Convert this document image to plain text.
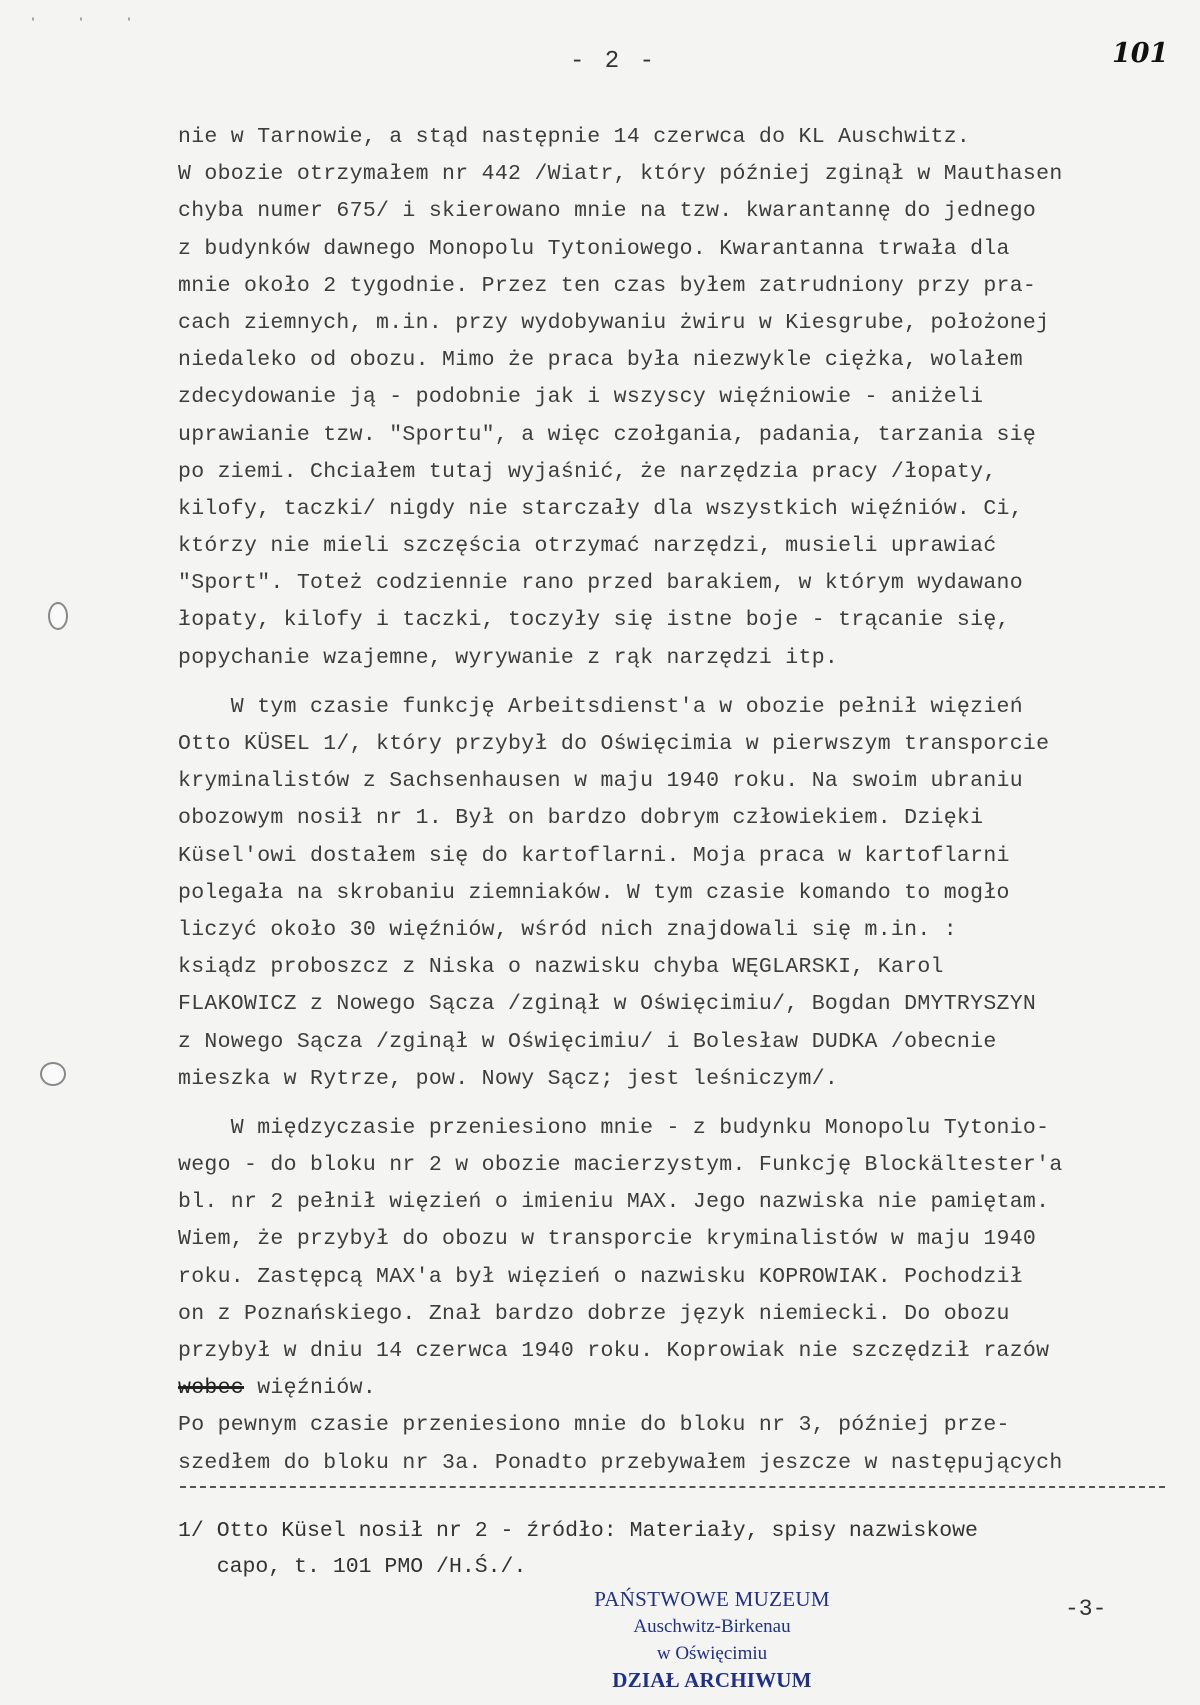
' ' '
- 2 -	101
nie w Tarnowie, a stąd następnie 14 czerwca do KL Auschwitz.
W obozie otrzymałem nr 442 /Wiatr, który później zginął w Mauthasen
chyba numer 675/ i skierowano mnie na tzw. kwarantannę do jednego
z budynków dawnego Monopolu Tytoniowego. Kwarantanna trwała dla
mnie około 2 tygodnie. Przez ten czas byłem zatrudniony przy pra-
cach ziemnych, m.in. przy wydobywaniu żwiru w Kiesgrube, położonej
niedaleko od obozu. Mimo że praca była niezwykle ciężka, wolałem
zdecydowanie ją - podobnie jak i wszyscy więźniowie - aniżeli
uprawianie tzw. "Sportu", a więc czołgania, padania, tarzania się
po ziemi. Chciałem tutaj wyjaśnić, że narzędzia pracy /łopaty,
kilofy, taczki/ nigdy nie starczały dla wszystkich więźniów. Ci,
którzy nie mieli szczęścia otrzymać narzędzi, musieli uprawiać
"Sport". Toteż codziennie rano przed barakiem, w którym wydawano
łopaty, kilofy i taczki, toczyły się istne boje - trącanie się,
popychanie wzajemne, wyrywanie z rąk narzędzi itp.
W tym czasie funkcję Arbeitsdienst'a w obozie pełnił więzień
Otto KÜSEL 1/, który przybył do Oświęcimia w pierwszym transporcie
kryminalistów z Sachsenhausen w maju 1940 roku. Na swoim ubraniu
obozowym nosił nr 1. Był on bardzo dobrym człowiekiem. Dzięki
Küsel'owi dostałem się do kartoflarni. Moja praca w kartoflarni
polegała na skrobaniu ziemniaków. W tym czasie komando to mogło
liczyć około 30 więźniów, wśród nich znajdowali się m.in. :
ksiądz proboszcz z Niska o nazwisku chyba WĘGLARSKI, Karol
FLAKOWICZ z Nowego Sącza /zginął w Oświęcimiu/, Bogdan DMYTRYSZYN
z Nowego Sącza /zginął w Oświęcimiu/ i Bolesław DUDKA /obecnie
mieszka w Rytrze, pow. Nowy Sącz; jest leśniczym/.
W międzyczasie przeniesiono mnie - z budynku Monopolu Tytonio-
wego - do bloku nr 2 w obozie macierzystym. Funkcję Blockältester'a
bl. nr 2 pełnił więzień o imieniu MAX. Jego nazwiska nie pamiętam.
Wiem, że przybył do obozu w transporcie kryminalistów w maju 1940
roku. Zastępcą MAX'a był więzień o nazwisku KOPROWIAK. Pochodził
on z Poznańskiego. Znał bardzo dobrze język niemiecki. Do obozu
przybył w dniu 14 czerwca 1940 roku. Koprowiak nie szczędził razów
wobec więźniów.
Po pewnym czasie przeniesiono mnie do bloku nr 3, później prze-
szedłem do bloku nr 3a. Ponadto przebywałem jeszcze w następujących
1/ Otto Küsel nosił nr 2 - źródło: Materiały, spisy nazwiskowe
capo, t. 101 PMO /H.Ś./.
PAŃSTWOWE MUZEUM
Auschwitz-Birkenau
w Oświęcimiu
DZIAŁ ARCHIWUM
-3-
